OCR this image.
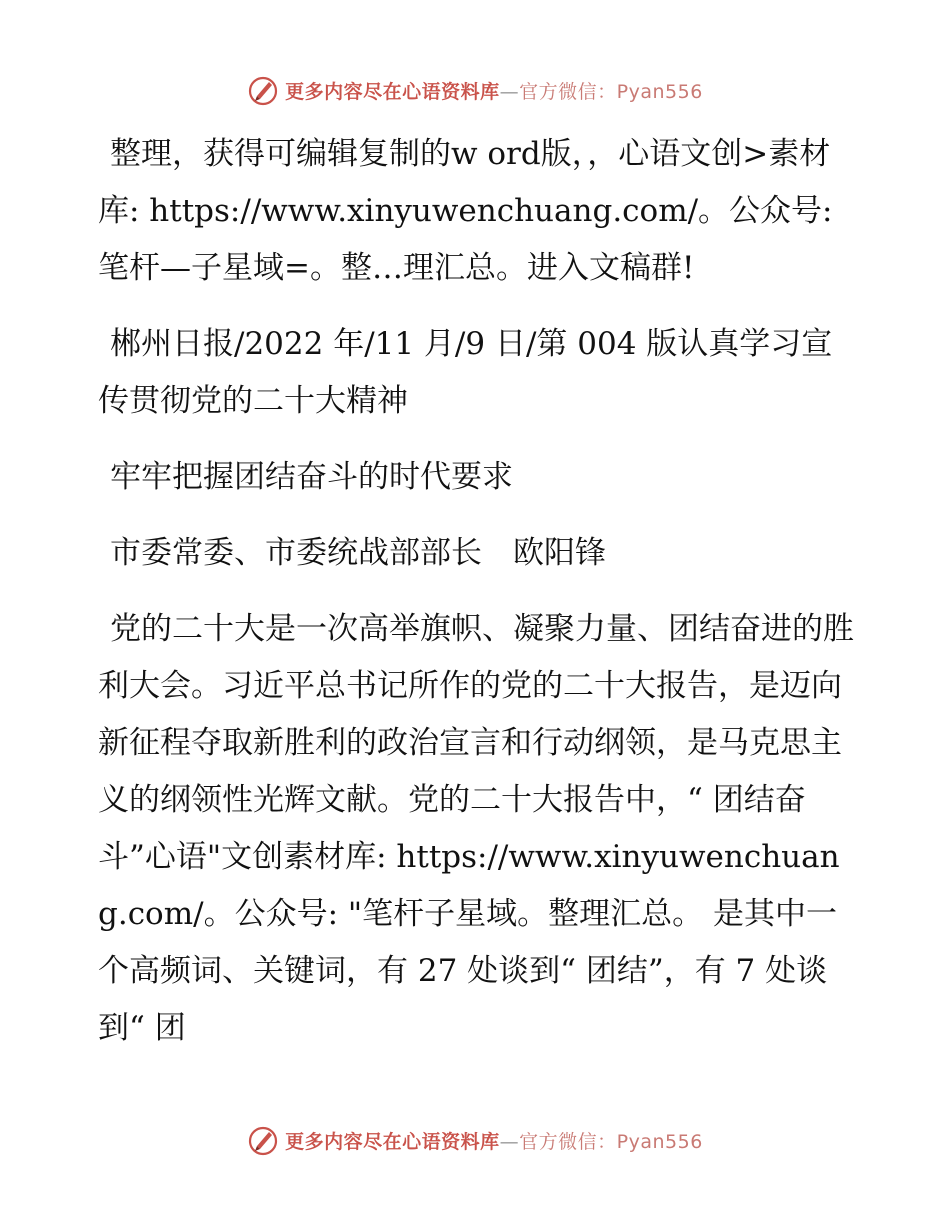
更多内容尽在心语资料库—官方微信：Pyan556

整理，获得可编辑复制的w ord版，，心语文创>素材库: https://www.xinyuwenchuang.com/。公众号: 笔杆—子星域=。整…理汇总。进入文稿群!

郴州日报/2022 年/11 月/9 日/第 004 版认真学习宣传贯彻党的二十大精神

牢牢把握团结奋斗的时代要求

市委常委、市委统战部部长　欧阳锋

党的二十大是一次高举旗帜、凝聚力量、团结奋进的胜利大会。习近平总书记所作的党的二十大报告，是迈向新征程夺取新胜利的政治宣言和行动纲领，是马克思主义的纲领性光辉文献。党的二十大报告中，“ 团结奋斗”心语"文创素材库: https://www.xinyuwenchuang.com/。公众号: "笔杆子星域。整理汇总。 是其中一个高频词、关键词，有 27 处谈到“ 团结”，有 7 处谈到“ 团

更多内容尽在心语资料库—官方微信：Pyan556
